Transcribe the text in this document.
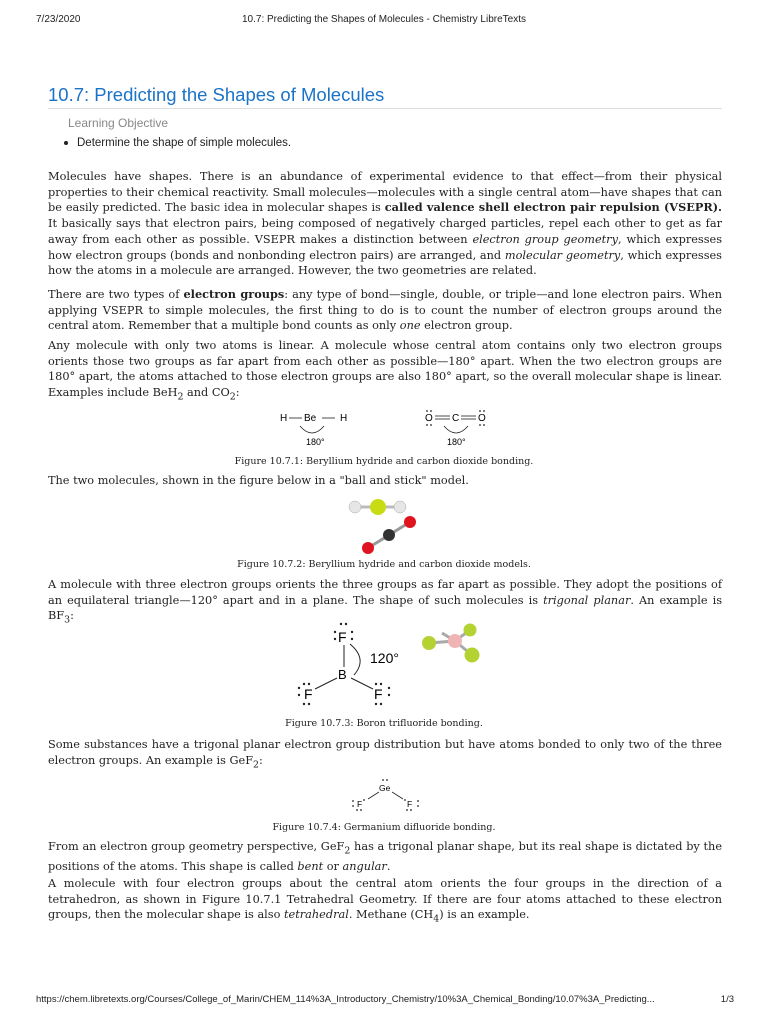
7/23/2020	10.7: Predicting the Shapes of Molecules - Chemistry LibreTexts
10.7: Predicting the Shapes of Molecules
Learning Objective
Determine the shape of simple molecules.

Molecules have shapes. There is an abundance of experimental evidence to that effect—from their physical properties to their chemical reactivity. Small molecules—molecules with a single central atom—have shapes that can be easily predicted. The basic idea in molecular shapes is called valence shell electron pair repulsion (VSEPR). It basically says that electron pairs, being composed of negatively charged particles, repel each other to get as far away from each other as possible. VSEPR makes a distinction between electron group geometry, which expresses how electron groups (bonds and nonbonding electron pairs) are arranged, and molecular geometry, which expresses how the atoms in a molecule are arranged. However, the two geometries are related.

There are two types of electron groups: any type of bond—single, double, or triple—and lone electron pairs. When applying VSEPR to simple molecules, the first thing to do is to count the number of electron groups around the central atom. Remember that a multiple bond counts as only one electron group.

Any molecule with only two atoms is linear. A molecule whose central atom contains only two electron groups orients those two groups as far apart from each other as possible—180° apart. When the two electron groups are 180° apart, the atoms attached to those electron groups are also 180° apart, so the overall molecular shape is linear. Examples include BeH$_2$ and $CO_2$:

H Be H
180°
O C O
180°
Figure 10.7.1: Beryllium hydride and carbon dioxide bonding.

The two molecules, shown in the figure below in a "ball and stick" model.

Figure 10.7.2: Beryllium hydride and carbon dioxide models.

A molecule with three electron groups orients the three groups as far apart as possible. They adopt the positions of an equilateral triangle—120° apart and in a plane. The shape of such molecules is trigonal planar. An example is $BF_3$:

F
B
F	F
120°
Figure 10.7.3: Boron trifluoride bonding.

Some substances have a trigonal planar electron group distribution but have atoms bonded to only two of the three electron groups. An example is GeF$_2$:

Ge
F	F
Figure 10.7.4: Germanium difluoride bonding.

From an electron group geometry perspective, GeF$_2$ has a trigonal planar shape, but its real shape is dictated by the positions of the atoms. This shape is called bent or angular.

A molecule with four electron groups about the central atom orients the four groups in the direction of a tetrahedron, as shown in Figure 10.7.1 Tetrahedral Geometry. If there are four atoms attached to these electron groups, then the molecular shape is also tetrahedral. Methane $(CH_4)$ is an example.

https://chem.libretexts.org/Courses/College_of_Marin/CHEM_114%3A_Introductory_Chemistry/10%3A_Chemical_Bonding/10.07%3A_Predicting...	1/3
